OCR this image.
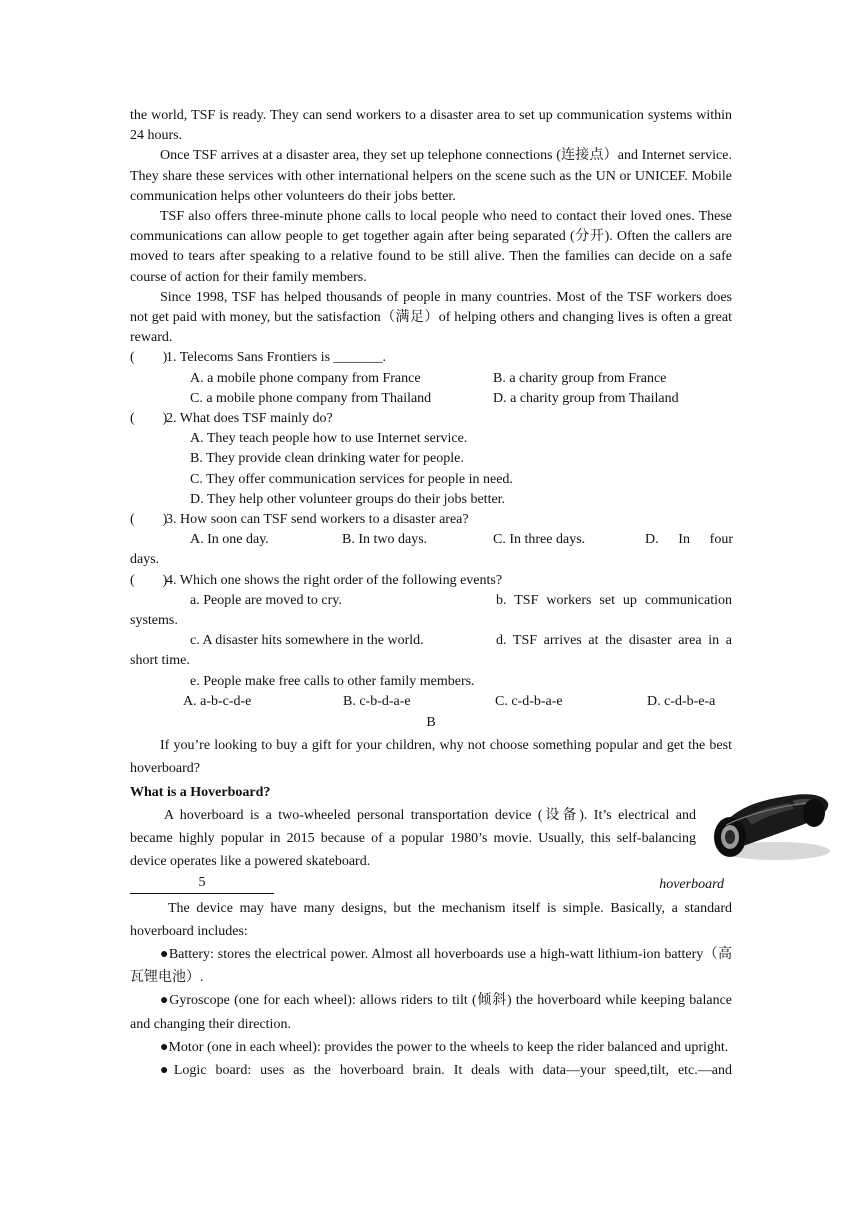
the world, TSF is ready. They can send workers to a disaster area to set up communication systems within 24 hours.

Once TSF arrives at a disaster area, they set up telephone connections (连接点）and Internet service. They share these services with other international helpers on the scene such as the UN or UNICEF. Mobile communication helps other volunteers do their jobs better.

TSF also offers three-minute phone calls to local people who need to contact their loved ones. These communications can allow people to get together again after being separated (分开). Often the callers are moved to tears after speaking to a relative found to be still alive. Then the families can decide on a safe course of action for their family members.

Since 1998, TSF has helped thousands of people in many countries. Most of the TSF workers does not get paid with money, but the satisfaction（满足）of helping others and changing lives is often a great reward.

(        )
1. Telecoms Sans Frontiers is _______.
A. a mobile phone company from France	B. a charity group from France
C. a mobile phone company from Thailand	D. a charity group from Thailand
(        )
2. What does TSF mainly do?
A. They teach people how to use Internet service.
B. They provide clean drinking water for people.
C. They offer communication services for people in need.
D. They help other volunteer groups do their jobs better.
(        )
3. How soon can TSF send workers to a disaster area?
A. In one day.	B. In two days.	C. In three days.	D. In four
days.
(        )
4. Which one shows the right order of the following events?
a. People are moved to cry.	b. TSF workers set up communication
systems.
c. A disaster hits somewhere in the world.	d. TSF arrives at the disaster area in a
short time.
e. People make free calls to other family members.
A. a-b-c-d-e	B. c-b-d-a-e	C. c-d-b-a-e	D. c-d-b-e-a
B

If you’re looking to buy a gift for your children, why not choose something popular and get the best hoverboard?

What is a Hoverboard?

A hoverboard is a two-wheeled personal transportation device (设备). It’s electrical and became highly popular in 2015 because of a popular 1980’s movie. Usually, this self-balancing device operates like a powered skateboard.

5	hoverboard

The device may have many designs, but the mechanism itself is simple. Basically, a standard hoverboard includes:

●Battery: stores the electrical power. Almost all hoverboards use a high-watt lithium-ion battery（高瓦锂电池）.

●Gyroscope (one for each wheel): allows riders to tilt (倾斜) the hoverboard while keeping balance and changing their direction.

●Motor (one in each wheel): provides the power to the wheels to keep the rider balanced and upright.

●Logic board: uses as the hoverboard brain. It deals with data—your speed,tilt, etc.—and
